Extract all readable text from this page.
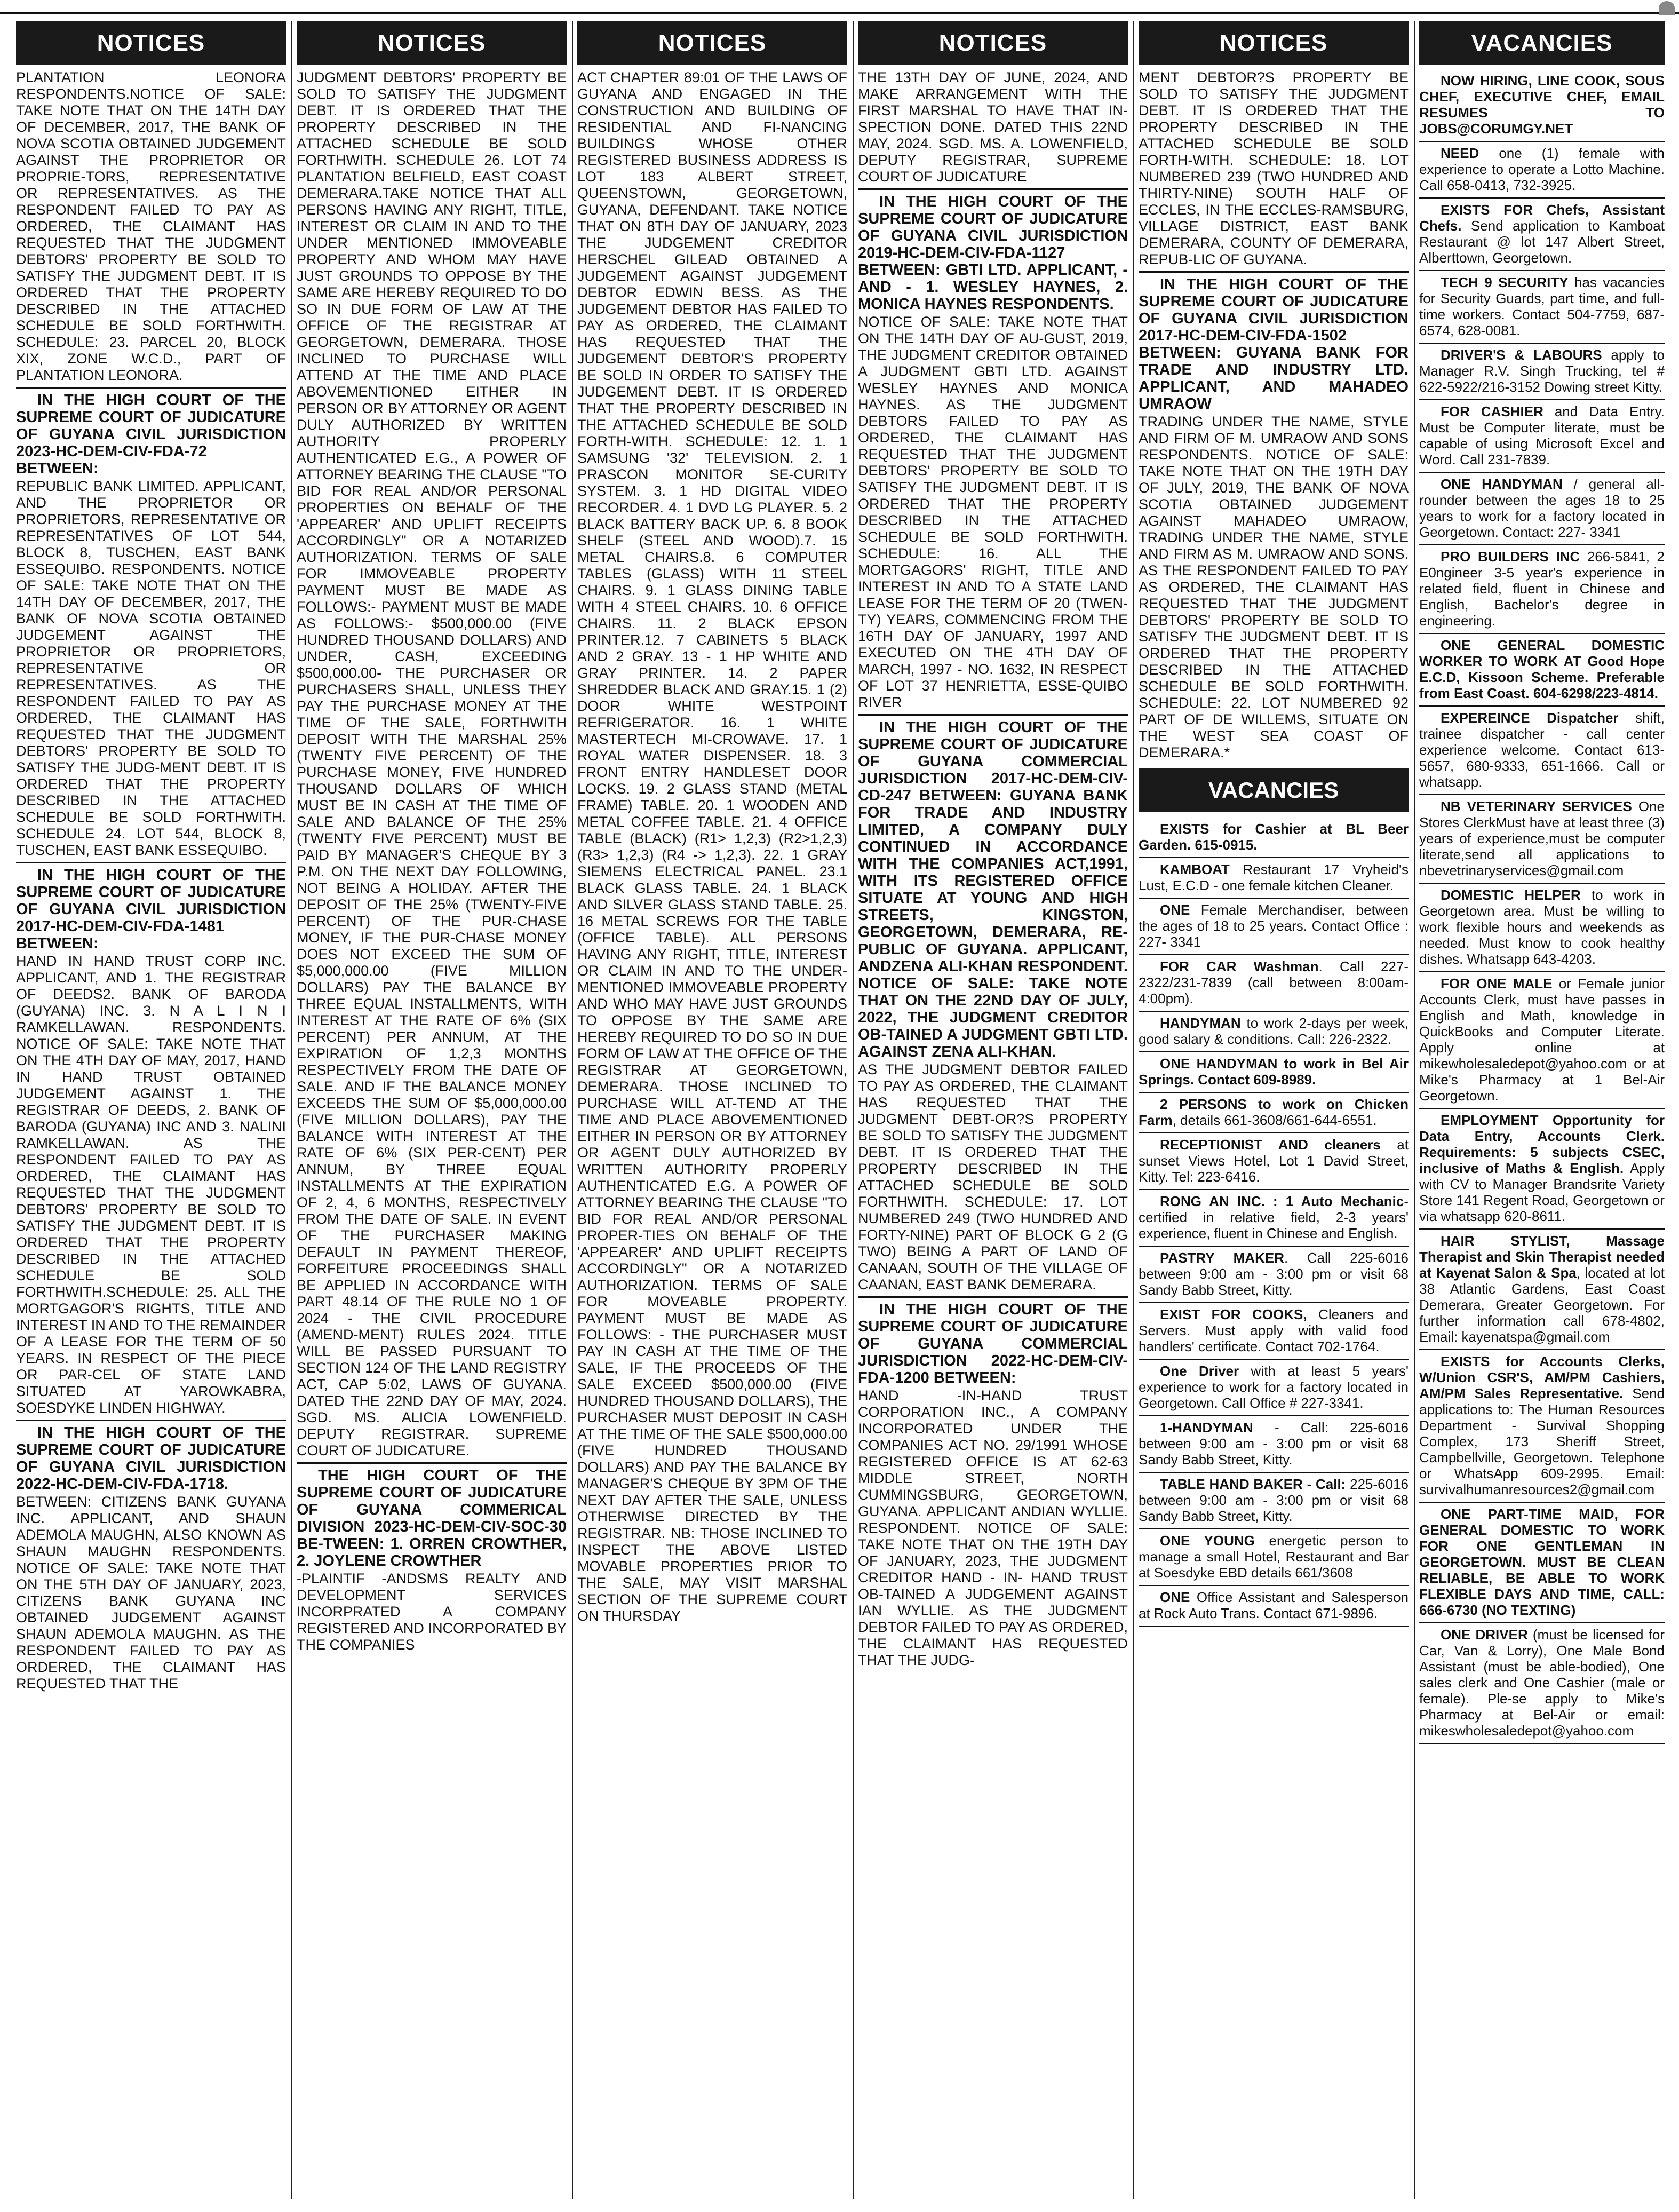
NOTICES

PLANTATION LEONORA RESPONDENTS.NOTICE OF SALE: TAKE NOTE THAT ON THE 14TH DAY OF DECEMBER, 2017, THE BANK OF NOVA SCOTIA OBTAINED JUDGEMENT AGAINST THE PROPRIETOR OR PROPRIE-TORS, REPRESENTATIVE OR REPRESENTATIVES. AS THE RESPONDENT FAILED TO PAY AS ORDERED, THE CLAIMANT HAS REQUESTED THAT THE JUDGMENT DEBTORS' PROPERTY BE SOLD TO SATISFY THE JUDGMENT DEBT. IT IS ORDERED THAT THE PROPERTY DESCRIBED IN THE ATTACHED SCHEDULE BE SOLD FORTHWITH. SCHEDULE: 23. PARCEL 20, BLOCK XIX, ZONE W.C.D., PART OF PLANTATION LEONORA.

IN THE HIGH COURT OF THE SUPREME COURT OF JUDICATURE OF GUYANA CIVIL JURISDICTION 2023-HC-DEM-CIV-FDA-72 BETWEEN:

REPUBLIC BANK LIMITED. APPLICANT, AND THE PROPRIETOR OR PROPRIETORS, REPRESENTATIVE OR REPRESENTATIVES OF LOT 544, BLOCK 8, TUSCHEN, EAST BANK ESSEQUIBO. RESPONDENTS. NOTICE OF SALE: TAKE NOTE THAT ON THE 14TH DAY OF DECEMBER, 2017, THE BANK OF NOVA SCOTIA OBTAINED JUDGEMENT AGAINST THE PROPRIETOR OR PROPRIETORS, REPRESENTATIVE OR REPRESENTATIVES. AS THE RESPONDENT FAILED TO PAY AS ORDERED, THE CLAIMANT HAS REQUESTED THAT THE JUDGMENT DEBTORS' PROPERTY BE SOLD TO SATISFY THE JUDG-MENT DEBT. IT IS ORDERED THAT THE PROPERTY DESCRIBED IN THE ATTACHED SCHEDULE BE SOLD FORTHWITH. SCHEDULE 24. LOT 544, BLOCK 8, TUSCHEN, EAST BANK ESSEQUIBO.

IN THE HIGH COURT OF THE SUPREME COURT OF JUDICATURE OF GUYANA CIVIL JURISDICTION 2017-HC-DEM-CIV-FDA-1481 BETWEEN:

HAND IN HAND TRUST CORP INC. APPLICANT, AND 1. THE REGISTRAR OF DEEDS2. BANK OF BARODA (GUYANA) INC. 3. N A L I N I RAMKELLAWAN. RESPONDENTS. NOTICE OF SALE: TAKE NOTE THAT ON THE 4TH DAY OF MAY, 2017, HAND IN HAND TRUST OBTAINED JUDGEMENT AGAINST 1. THE REGISTRAR OF DEEDS, 2. BANK OF BARODA (GUYANA) INC AND 3. NALINI RAMKELLAWAN. AS THE RESPONDENT FAILED TO PAY AS ORDERED, THE CLAIMANT HAS REQUESTED THAT THE JUDGMENT DEBTORS' PROPERTY BE SOLD TO SATISFY THE JUDGMENT DEBT. IT IS ORDERED THAT THE PROPERTY DESCRIBED IN THE ATTACHED SCHEDULE BE SOLD FORTHWITH.SCHEDULE: 25. ALL THE MORTGAGOR'S RIGHTS, TITLE AND INTEREST IN AND TO THE REMAINDER OF A LEASE FOR THE TERM OF 50 YEARS. IN RESPECT OF THE PIECE OR PAR-CEL OF STATE LAND SITUATED AT YAROWKABRA, SOESDYKE LINDEN HIGHWAY.

IN THE HIGH COURT OF THE SUPREME COURT OF JUDICATURE OF GUYANA CIVIL JURISDICTION 2022-HC-DEM-CIV-FDA-1718.

BETWEEN: CITIZENS BANK GUYANA INC. APPLICANT, AND SHAUN ADEMOLA MAUGHN, ALSO KNOWN AS SHAUN MAUGHN RESPONDENTS. NOTICE OF SALE: TAKE NOTE THAT ON THE 5TH DAY OF JANUARY, 2023, CITIZENS BANK GUYANA INC OBTAINED JUDGEMENT AGAINST SHAUN ADEMOLA MAUGHN. AS THE RESPONDENT FAILED TO PAY AS ORDERED, THE CLAIMANT HAS REQUESTED THAT THE

NOTICES

JUDGMENT DEBTORS' PROPERTY BE SOLD TO SATISFY THE JUDGMENT DEBT. IT IS ORDERED THAT THE PROPERTY DESCRIBED IN THE ATTACHED SCHEDULE BE SOLD FORTHWITH. SCHEDULE 26. LOT 74 PLANTATION BELFIELD, EAST COAST DEMERARA.TAKE NOTICE THAT ALL PERSONS HAVING ANY RIGHT, TITLE, INTEREST OR CLAIM IN AND TO THE UNDER MENTIONED IMMOVEABLE PROPERTY AND WHOM MAY HAVE JUST GROUNDS TO OPPOSE BY THE SAME ARE HEREBY REQUIRED TO DO SO IN DUE FORM OF LAW AT THE OFFICE OF THE REGISTRAR AT GEORGETOWN, DEMERARA. THOSE INCLINED TO PURCHASE WILL ATTEND AT THE TIME AND PLACE ABOVEMENTIONED EITHER IN PERSON OR BY ATTORNEY OR AGENT DULY AUTHORIZED BY WRITTEN AUTHORITY PROPERLY AUTHENTICATED E.G., A POWER OF ATTORNEY BEARING THE CLAUSE "TO BID FOR REAL AND/OR PERSONAL PROPERTIES ON BEHALF OF THE 'APPEARER' AND UPLIFT RECEIPTS ACCORDINGLY" OR A NOTARIZED AUTHORIZATION. TERMS OF SALE FOR IMMOVEABLE PROPERTY PAYMENT MUST BE MADE AS FOLLOWS:- PAYMENT MUST BE MADE AS FOLLOWS:- $500,000.00 (FIVE HUNDRED THOUSAND DOLLARS) AND UNDER, CASH, EXCEEDING $500,000.00- THE PURCHASER OR PURCHASERS SHALL, UNLESS THEY PAY THE PURCHASE MONEY AT THE TIME OF THE SALE, FORTHWITH DEPOSIT WITH THE MARSHAL 25% (TWENTY FIVE PERCENT) OF THE PURCHASE MONEY, FIVE HUNDRED THOUSAND DOLLARS OF WHICH MUST BE IN CASH AT THE TIME OF SALE AND BALANCE OF THE 25% (TWENTY FIVE PERCENT) MUST BE PAID BY MANAGER'S CHEQUE BY 3 P.M. ON THE NEXT DAY FOLLOWING, NOT BEING A HOLIDAY. AFTER THE DEPOSIT OF THE 25% (TWENTY-FIVE PERCENT) OF THE PUR-CHASE MONEY, IF THE PUR-CHASE MONEY DOES NOT EXCEED THE SUM OF $5,000,000.00 (FIVE MILLION DOLLARS) PAY THE BALANCE BY THREE EQUAL INSTALLMENTS, WITH INTEREST AT THE RATE OF 6% (SIX PERCENT) PER ANNUM, AT THE EXPIRATION OF 1,2,3 MONTHS RESPECTIVELY FROM THE DATE OF SALE. AND IF THE BALANCE MONEY EXCEEDS THE SUM OF $5,000,000.00 (FIVE MILLION DOLLARS), PAY THE BALANCE WITH INTEREST AT THE RATE OF 6% (SIX PER-CENT) PER ANNUM, BY THREE EQUAL INSTALLMENTS AT THE EXPIRATION OF 2, 4, 6 MONTHS, RESPECTIVELY FROM THE DATE OF SALE. IN EVENT OF THE PURCHASER MAKING DEFAULT IN PAYMENT THEREOF, FORFEITURE PROCEEDINGS SHALL BE APPLIED IN ACCORDANCE WITH PART 48.14 OF THE RULE NO 1 OF 2024 - THE CIVIL PROCEDURE (AMEND-MENT) RULES 2024. TITLE WILL BE PASSED PURSUANT TO SECTION 124 OF THE LAND REGISTRY ACT, CAP 5:02, LAWS OF GUYANA. DATED THE 22ND DAY OF MAY, 2024. SGD. MS. ALICIA LOWENFIELD. DEPUTY REGISTRAR. SUPREME COURT OF JUDICATURE.

THE HIGH COURT OF THE SUPREME COURT OF JUDICATURE OF GUYANA COMMERICAL DIVISION 2023-HC-DEM-CIV-SOC-30 BE-TWEEN: 1. ORREN CROWTHER, 2. JOYLENE CROWTHER

-PLAINTIF -ANDSMS REALTY AND DEVELOPMENT SERVICES INCORPRATED A COMPANY REGISTERED AND INCORPORATED BY THE COMPANIES

NOTICES

ACT CHAPTER 89:01 OF THE LAWS OF GUYANA AND ENGAGED IN THE CONSTRUCTION AND BUILDING OF RESIDENTIAL AND FI-NANCING BUILDINGS WHOSE OTHER REGISTERED BUSINESS ADDRESS IS LOT 183 ALBERT STREET, QUEENSTOWN, GEORGETOWN, GUYANA, DEFENDANT. TAKE NOTICE THAT ON 8TH DAY OF JANUARY, 2023 THE JUDGEMENT CREDITOR HERSCHEL GILEAD OBTAINED A JUDGEMENT AGAINST JUDGEMENT DEBTOR EDWIN BESS. AS THE JUDGEMENT DEBTOR HAS FAILED TO PAY AS ORDERED, THE CLAIMANT HAS REQUESTED THAT THE JUDGEMENT DEBTOR'S PROPERTY BE SOLD IN ORDER TO SATISFY THE JUDGEMENT DEBT. IT IS ORDERED THAT THE PROPERTY DESCRIBED IN THE ATTACHED SCHEDULE BE SOLD FORTH-WITH. SCHEDULE: 12. 1. 1 SAMSUNG '32' TELEVISION. 2. 1 PRASCON MONITOR SE-CURITY SYSTEM. 3. 1 HD DIGITAL VIDEO RECORDER. 4. 1 DVD LG PLAYER. 5. 2 BLACK BATTERY BACK UP. 6. 8 BOOK SHELF (STEEL AND WOOD).7. 15 METAL CHAIRS.8. 6 COMPUTER TABLES (GLASS) WITH 11 STEEL CHAIRS. 9. 1 GLASS DINING TABLE WITH 4 STEEL CHAIRS. 10. 6 OFFICE CHAIRS. 11. 2 BLACK EPSON PRINTER.12. 7 CABINETS 5 BLACK AND 2 GRAY. 13 - 1 HP WHITE AND GRAY PRINTER. 14. 2 PAPER SHREDDER BLACK AND GRAY.15. 1 (2) DOOR WHITE WESTPOINT REFRIGERATOR. 16. 1 WHITE MASTERTECH MI-CROWAVE. 17. 1 ROYAL WATER DISPENSER. 18. 3 FRONT ENTRY HANDLESET DOOR LOCKS. 19. 2 GLASS STAND (METAL FRAME) TABLE. 20. 1 WOODEN AND METAL COFFEE TABLE. 21. 4 OFFICE TABLE (BLACK) (R1> 1,2,3) (R2>1,2,3) (R3> 1,2,3) (R4 -> 1,2,3). 22. 1 GRAY SIEMENS ELECTRICAL PANEL. 23.1 BLACK GLASS TABLE. 24. 1 BLACK AND SILVER GLASS STAND TABLE. 25. 16 METAL SCREWS FOR THE TABLE (OFFICE TABLE). ALL PERSONS HAVING ANY RIGHT, TITLE, INTEREST OR CLAIM IN AND TO THE UNDER-MENTIONED IMMOVEABLE PROPERTY AND WHO MAY HAVE JUST GROUNDS TO OPPOSE BY THE SAME ARE HEREBY REQUIRED TO DO SO IN DUE FORM OF LAW AT THE OFFICE OF THE REGISTRAR AT GEORGETOWN, DEMERARA. THOSE INCLINED TO PURCHASE WILL AT-TEND AT THE TIME AND PLACE ABOVEMENTIONED EITHER IN PERSON OR BY ATTORNEY OR AGENT DULY AUTHORIZED BY WRITTEN AUTHORITY PROPERLY AUTHENTICATED E.G. A POWER OF ATTORNEY BEARING THE CLAUSE "TO BID FOR REAL AND/OR PERSONAL PROPER-TIES ON BEHALF OF THE 'APPEARER' AND UPLIFT RECEIPTS ACCORDINGLY" OR A NOTARIZED AUTHORIZATION. TERMS OF SALE FOR MOVEABLE PROPERTY. PAYMENT MUST BE MADE AS FOLLOWS: - THE PURCHASER MUST PAY IN CASH AT THE TIME OF THE SALE, IF THE PROCEEDS OF THE SALE EXCEED $500,000.00 (FIVE HUNDRED THOUSAND DOLLARS), THE PURCHASER MUST DEPOSIT IN CASH AT THE TIME OF THE SALE $500,000.00 (FIVE HUNDRED THOUSAND DOLLARS) AND PAY THE BALANCE BY MANAGER'S CHEQUE BY 3PM OF THE NEXT DAY AFTER THE SALE, UNLESS OTHERWISE DIRECTED BY THE REGISTRAR. NB: THOSE INCLINED TO INSPECT THE ABOVE LISTED MOVABLE PROPERTIES PRIOR TO THE SALE, MAY VISIT MARSHAL SECTION OF THE SUPREME COURT ON THURSDAY

NOTICES

THE 13TH DAY OF JUNE, 2024, AND MAKE ARRANGEMENT WITH THE FIRST MARSHAL TO HAVE THAT IN-SPECTION DONE. DATED THIS 22ND MAY, 2024. SGD. MS. A. LOWENFIELD, DEPUTY REGISTRAR, SUPREME COURT OF JUDICATURE

IN THE HIGH COURT OF THE SUPREME COURT OF JUDICATURE OF GUYANA CIVIL JURISDICTION 2019-HC-DEM-CIV-FDA-1127 BETWEEN: GBTI LTD. APPLICANT, -AND - 1. WESLEY HAYNES, 2. MONICA HAYNES RESPONDENTS.

NOTICE OF SALE: TAKE NOTE THAT ON THE 14TH DAY OF AU-GUST, 2019, THE JUDGMENT CREDITOR OBTAINED A JUDGMENT GBTI LTD. AGAINST WESLEY HAYNES AND MONICA HAYNES. AS THE JUDGMENT DEBTORS FAILED TO PAY AS ORDERED, THE CLAIMANT HAS REQUESTED THAT THE JUDGMENT DEBTORS' PROPERTY BE SOLD TO SATISFY THE JUDGMENT DEBT. IT IS ORDERED THAT THE PROPERTY DESCRIBED IN THE ATTACHED SCHEDULE BE SOLD FORTHWITH. SCHEDULE: 16. ALL THE MORTGAGORS' RIGHT, TITLE AND INTEREST IN AND TO A STATE LAND LEASE FOR THE TERM OF 20 (TWEN-TY) YEARS, COMMENCING FROM THE 16TH DAY OF JANUARY, 1997 AND EXECUTED ON THE 4TH DAY OF MARCH, 1997 - NO. 1632, IN RESPECT OF LOT 37 HENRIETTA, ESSE-QUIBO RIVER

IN THE HIGH COURT OF THE SUPREME COURT OF JUDICATURE OF GUYANA COMMERCIAL JURISDICTION 2017-HC-DEM-CIV-CD-247 BETWEEN: GUYANA BANK FOR TRADE AND INDUSTRY LIMITED, A COMPANY DULY CONTINUED IN ACCORDANCE WITH THE COMPANIES ACT,1991, WITH ITS REGISTERED OFFICE SITUATE AT YOUNG AND HIGH STREETS, KINGSTON, GEORGETOWN, DEMERARA, RE-PUBLIC OF GUYANA. APPLICANT, ANDZENA ALI-KHAN RESPONDENT. NOTICE OF SALE: TAKE NOTE THAT ON THE 22ND DAY OF JULY, 2022, THE JUDGMENT CREDITOR OB-TAINED A JUDGMENT GBTI LTD. AGAINST ZENA ALI-KHAN.

AS THE JUDGMENT DEBTOR FAILED TO PAY AS ORDERED, THE CLAIMANT HAS REQUESTED THAT THE JUDGMENT DEBT-OR?S PROPERTY BE SOLD TO SATISFY THE JUDGMENT DEBT. IT IS ORDERED THAT THE PROPERTY DESCRIBED IN THE ATTACHED SCHEDULE BE SOLD FORTHWITH. SCHEDULE: 17. LOT NUMBERED 249 (TWO HUNDRED AND FORTY-NINE) PART OF BLOCK G 2 (G TWO) BEING A PART OF LAND OF CANAAN, SOUTH OF THE VILLAGE OF CAANAN, EAST BANK DEMERARA.

IN THE HIGH COURT OF THE SUPREME COURT OF JUDICATURE OF GUYANA COMMERCIAL JURISDICTION 2022-HC-DEM-CIV-FDA-1200 BETWEEN:

HAND -IN-HAND TRUST CORPORATION INC., A COMPANY INCORPORATED UNDER THE COMPANIES ACT NO. 29/1991 WHOSE REGISTERED OFFICE IS AT 62-63 MIDDLE STREET, NORTH CUMMINGSBURG, GEORGETOWN, GUYANA. APPLICANT ANDIAN WYLLIE. RESPONDENT. NOTICE OF SALE: TAKE NOTE THAT ON THE 19TH DAY OF JANUARY, 2023, THE JUDGMENT CREDITOR HAND - IN- HAND TRUST OB-TAINED A JUDGEMENT AGAINST IAN WYLLIE. AS THE JUDGMENT DEBTOR FAILED TO PAY AS ORDERED, THE CLAIMANT HAS REQUESTED THAT THE JUDG-

NOTICES

MENT DEBTOR?S PROPERTY BE SOLD TO SATISFY THE JUDGMENT DEBT. IT IS ORDERED THAT THE PROPERTY DESCRIBED IN THE ATTACHED SCHEDULE BE SOLD FORTH-WITH. SCHEDULE: 18. LOT NUMBERED 239 (TWO HUNDRED AND THIRTY-NINE) SOUTH HALF OF ECCLES, IN THE ECCLES-RAMSBURG, VILLAGE DISTRICT, EAST BANK DEMERARA, COUNTY OF DEMERARA, REPUB-LIC OF GUYANA.

IN THE HIGH COURT OF THE SUPREME COURT OF JUDICATURE OF GUYANA CIVIL JURISDICTION 2017-HC-DEM-CIV-FDA-1502 BETWEEN: GUYANA BANK FOR TRADE AND INDUSTRY LTD. APPLICANT, AND MAHADEO UMRAOW

TRADING UNDER THE NAME, STYLE AND FIRM OF M. UMRAOW AND SONS RESPONDENTS. NOTICE OF SALE: TAKE NOTE THAT ON THE 19TH DAY OF JULY, 2019, THE BANK OF NOVA SCOTIA OBTAINED JUDGEMENT AGAINST MAHADEO UMRAOW, TRADING UNDER THE NAME, STYLE AND FIRM AS M. UMRAOW AND SONS. AS THE RESPONDENT FAILED TO PAY AS ORDERED, THE CLAIMANT HAS REQUESTED THAT THE JUDGMENT DEBTORS' PROPERTY BE SOLD TO SATISFY THE JUDGMENT DEBT. IT IS ORDERED THAT THE PROPERTY DESCRIBED IN THE ATTACHED SCHEDULE BE SOLD FORTHWITH. SCHEDULE: 22. LOT NUMBERED 92 PART OF DE WILLEMS, SITUATE ON THE WEST SEA COAST OF DEMERARA.*

VACANCIES
EXISTS for Cashier at BL Beer Garden. 615-0915.
KAMBOAT Restaurant 17 Vryheid's Lust, E.C.D - one female kitchen Cleaner.
ONE Female Merchandiser, between the ages of 18 to 25 years. Contact Office : 227- 3341
FOR CAR Washman. Call 227-2322/231-7839 (call between 8:00am-4:00pm).
HANDYMAN to work 2-days per week, good salary & conditions. Call: 226-2322.
ONE HANDYMAN to work in Bel Air Springs. Contact 609-8989.
2 PERSONS to work on Chicken Farm, details 661-3608/661-644-6551.
RECEPTIONIST AND cleaners at sunset Views Hotel, Lot 1 David Street, Kitty. Tel: 223-6416.
RONG AN INC. : 1 Auto Mechanic- certified in relative field, 2-3 years' experience, fluent in Chinese and English.
PASTRY MAKER. Call 225-6016 between 9:00 am - 3:00 pm or visit 68 Sandy Babb Street, Kitty.
EXIST FOR COOKS, Cleaners and Servers. Must apply with valid food handlers' certificate. Contact 702-1764.
One Driver with at least 5 years' experience to work for a factory located in Georgetown. Call Office # 227-3341.
1-HANDYMAN - Call: 225-6016 between 9:00 am - 3:00 pm or visit 68 Sandy Babb Street, Kitty.
TABLE HAND BAKER - Call: 225-6016 between 9:00 am - 3:00 pm or visit 68 Sandy Babb Street, Kitty.
ONE YOUNG energetic person to manage a small Hotel, Restaurant and Bar at Soesdyke EBD details 661/3608
ONE Office Assistant and Salesperson at Rock Auto Trans. Contact 671-9896.
VACANCIES
NOW HIRING, LINE COOK, SOUS CHEF, EXECUTIVE CHEF, EMAIL RESUMES TO JOBS@CORUMGY.NET
NEED one (1) female with experience to operate a Lotto Machine. Call 658-0413, 732-3925.
EXISTS FOR Chefs, Assistant Chefs. Send application to Kamboat Restaurant @ lot 147 Albert Street, Alberttown, Georgetown.
TECH 9 SECURITY has vacancies for Security Guards, part time, and full-time workers. Contact 504-7759, 687-6574, 628-0081.
DRIVER'S & LABOURS apply to Manager R.V. Singh Trucking, tel # 622-5922/216-3152 Dowing street Kitty.
FOR CASHIER and Data Entry. Must be Computer literate, must be capable of using Microsoft Excel and Word. Call 231-7839.
ONE HANDYMAN / general all-rounder between the ages 18 to 25 years to work for a factory located in Georgetown. Contact: 227- 3341
PRO BUILDERS INC 266-5841, 2 E0ngineer 3-5 year's experience in related field, fluent in Chinese and English, Bachelor's degree in engineering.
ONE GENERAL DOMESTIC WORKER TO WORK AT Good Hope E.C.D, Kissoon Scheme. Preferable from East Coast. 604-6298/223-4814.
EXPEREINCE Dispatcher shift, trainee dispatcher - call center experience welcome. Contact 613-5657, 680-9333, 651-1666. Call or whatsapp.
NB VETERINARY SERVICES One Stores ClerkMust have at least three (3) years of experience,must be computer literate,send all applications to nbevetrinaryservices@gmail.com
DOMESTIC HELPER to work in Georgetown area. Must be willing to work flexible hours and weekends as needed. Must know to cook healthy dishes. Whatsapp 643-4203.
FOR ONE MALE or Female junior Accounts Clerk, must have passes in English and Math, knowledge in QuickBooks and Computer Literate. Apply online at mikewholesaledepot@yahoo.com or at Mike's Pharmacy at 1 Bel-Air Georgetown.
EMPLOYMENT Opportunity for Data Entry, Accounts Clerk. Requirements: 5 subjects CSEC, inclusive of Maths & English. Apply with CV to Manager Brandsrite Variety Store 141 Regent Road, Georgetown or via whatsapp 620-8611.
HAIR STYLIST, Massage Therapist and Skin Therapist needed at Kayenat Salon & Spa, located at lot 38 Atlantic Gardens, East Coast Demerara, Greater Georgetown. For further information call 678-4802, Email: kayenatspa@gmail.com
EXISTS for Accounts Clerks, W/Union CSR'S, AM/PM Cashiers, AM/PM Sales Representative. Send applications to: The Human Resources Department - Survival Shopping Complex, 173 Sheriff Street, Campbellville, Georgetown. Telephone or WhatsApp 609-2995. Email: survivalhumanresources2@gmail.com
ONE PART-TIME MAID, FOR GENERAL DOMESTIC TO WORK FOR ONE GENTLEMAN IN GEORGETOWN. MUST BE CLEAN RELIABLE, BE ABLE TO WORK FLEXIBLE DAYS AND TIME, CALL: 666-6730 (NO TEXTING)
ONE DRIVER (must be licensed for Car, Van & Lorry), One Male Bond Assistant (must be able-bodied), One sales clerk and One Cashier (male or female). Ple-se apply to Mike's Pharmacy at Bel-Air or email: mikeswholesaledepot@yahoo.com
